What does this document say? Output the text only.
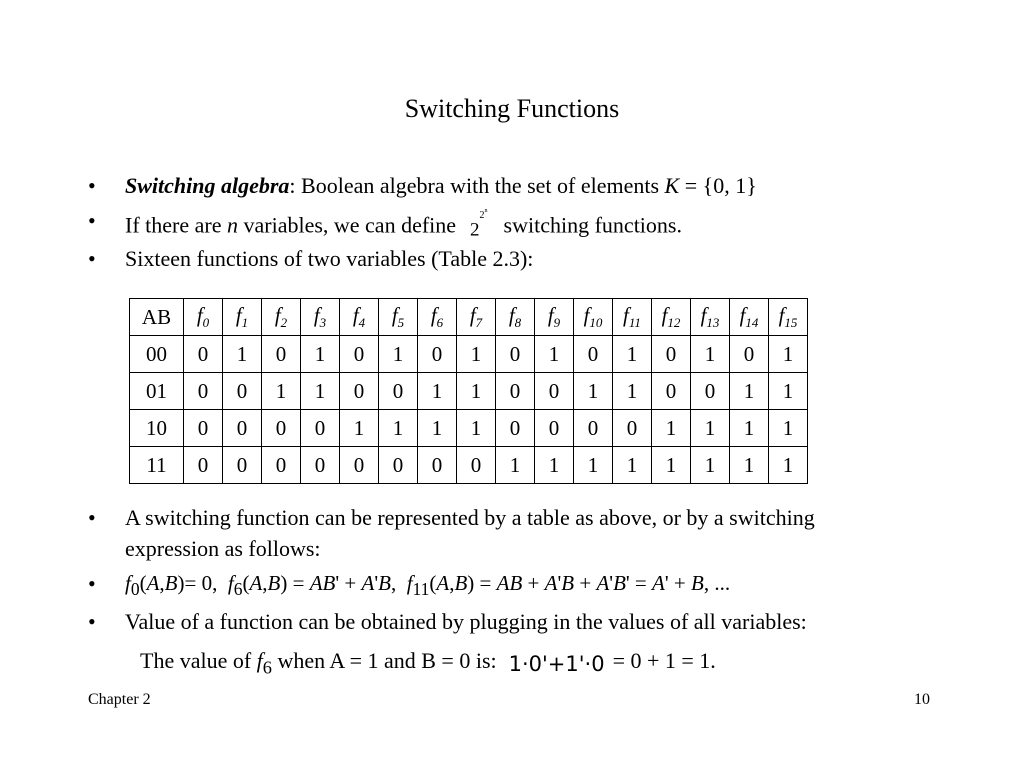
Switching Functions
• Switching algebra: Boolean algebra with the set of elements K = {0, 1}
• If there are n variables, we can define $2^{2^n}switching$ functions.
• Sixteen functions of two variables (Table 2.3):
AB	$f_0$	$f_1$	$f_2$	$f_3$	$f_4$	$f_5$	$f_6$	$f_7$	$f_8$	$f_9$	$f_{10}$	$f_{11}$	$f_{12}$	$f_{13}$	$f_{14}$	$f_{15}$
00	0	1	0	1	0	1	0	1	0	1	0	1	0	1	0	1
01	0	0	1	1	0	0	1	1	0	0	1	1	0	0	1	1
10	0	0	0	0	1	1	1	1	0	0	0	0	1	1	1	1
11	0	0	0	0	0	0	0	0	1	1	1	1	1	1	1	1
• A switching function can be represented by a table as above, or by a switching
expression as follows:
• $f_0(A,B)= 0$,  $f_6(A,B) = AB' + A'B$,  $f_{11}(A,B)$ = AB + A'B + A'B' = A' + B, ...
• Value of a function can be obtained by plugging in the values of all variables:
The value of $f_6$ when A = 1 and B = 0 is: 1·0'+1'·0 = 0 + 1 = 1.
Chapter 2	10
